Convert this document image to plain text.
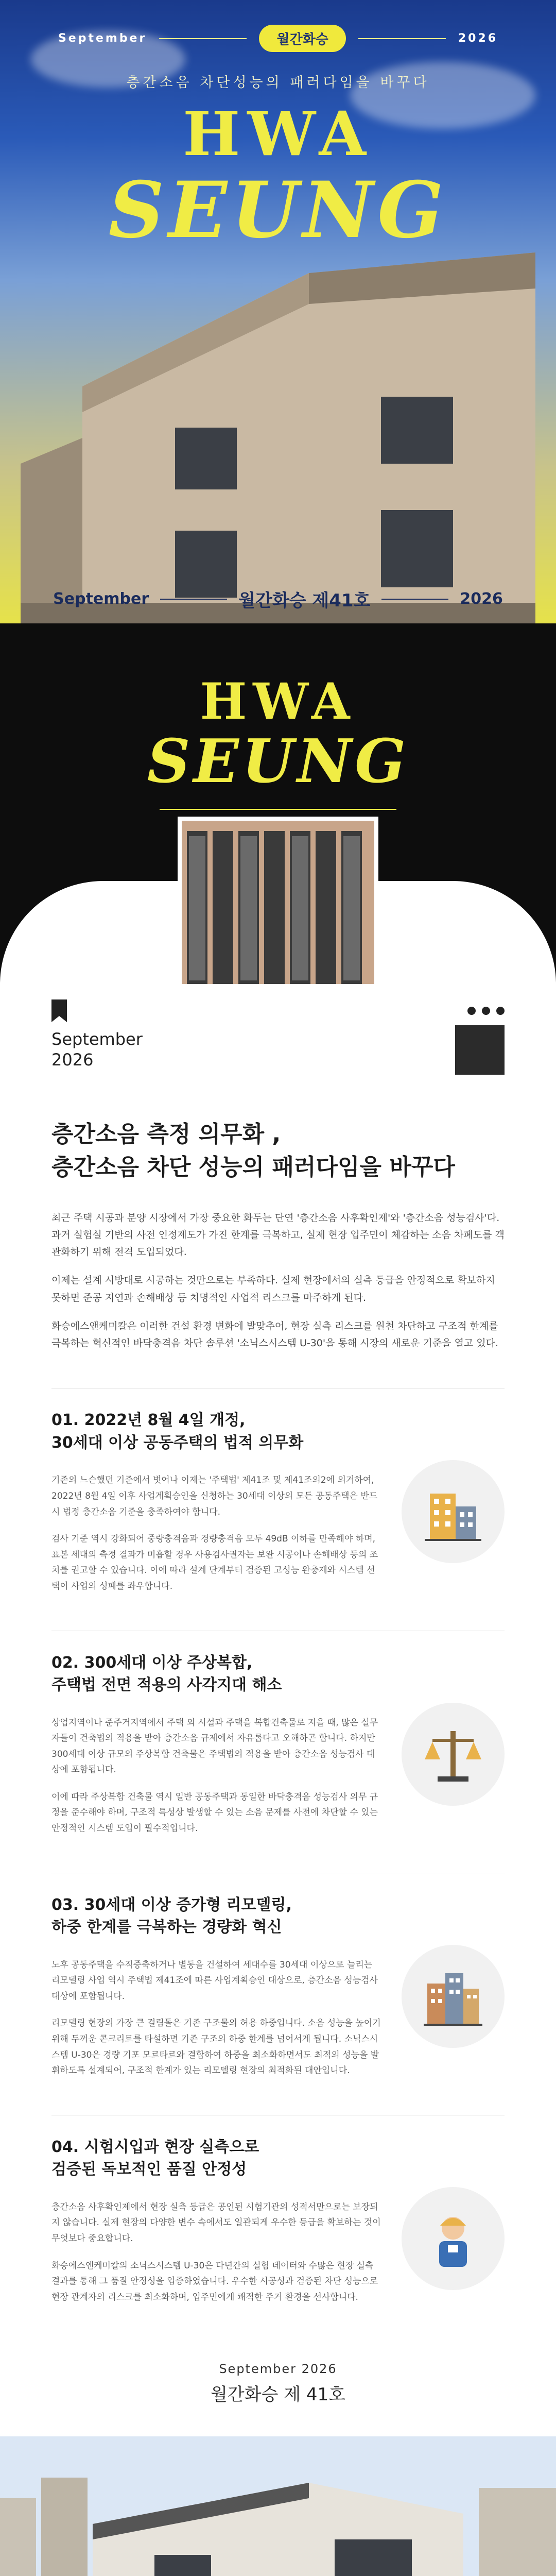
September	월간화승	2026
층간소음 차단성능의 패러다임을 바꾸다
HWA
SEUNG
September	월간화승 제41호	2026
HWA
SEUNG
September
2026
층간소음 측정 의무화 ,
층간소음 차단 성능의 패러다임을 바꾸다

최근 주택 시공과 분양 시장에서 가장 중요한 화두는 단연 '층간소음 사후확인제'와 '층간소음 성능검사'다. 과거 실험실 기반의 사전 인정제도가 가진 한계를 극복하고, 실제 현장 입주민이 체감하는 소음 차폐도를 객관화하기 위해 전격 도입되었다.

이제는 설계 시방대로 시공하는 것만으로는 부족하다. 실제 현장에서의 실측 등급을 안정적으로 확보하지 못하면 준공 지연과 손해배상 등 치명적인 사업적 리스크를 마주하게 된다.

화승에스앤케미칼은 이러한 건설 환경 변화에 발맞추어, 현장 실측 리스크를 원천 차단하고 구조적 한계를 극복하는 혁신적인 바닥충격음 차단 솔루션 '소닉스시스템 U-30'을 통해 시장의 새로운 기준을 열고 있다.

01. 2022년 8월 4일 개정,
30세대 이상 공동주택의 법적 의무화

기존의 느슨했던 기준에서 벗어나 이제는 '주택법' 제41조 및 제41조의2에 의거하여, 2022년 8월 4일 이후 사업계획승인을 신청하는 30세대 이상의 모든 공동주택은 반드시 법정 층간소음 기준을 충족하여야 합니다.

검사 기준 역시 강화되어 중량충격음과 경량충격음 모두 49dB 이하를 만족해야 하며, 표본 세대의 측정 결과가 미흡할 경우 사용검사권자는 보완 시공이나 손해배상 등의 조치를 권고할 수 있습니다. 이에 따라 설계 단계부터 검증된 고성능 완충재와 시스템 선택이 사업의 성패를 좌우합니다.

02. 300세대 이상 주상복합,
주택법 전면 적용의 사각지대 해소

상업지역이나 준주거지역에서 주택 외 시설과 주택을 복합건축물로 지을 때, 많은 실무자들이 건축법의 적용을 받아 층간소음 규제에서 자유롭다고 오해하곤 합니다. 하지만 300세대 이상 규모의 주상복합 건축물은 주택법의 적용을 받아 층간소음 성능검사 대상에 포함됩니다.

이에 따라 주상복합 건축물 역시 일반 공동주택과 동일한 바닥충격음 성능검사 의무 규정을 준수해야 하며, 구조적 특성상 발생할 수 있는 소음 문제를 사전에 차단할 수 있는 안정적인 시스템 도입이 필수적입니다.

03. 30세대 이상 증가형 리모델링,
하중 한계를 극복하는 경량화 혁신

노후 공동주택을 수직증축하거나 별동을 건설하여 세대수를 30세대 이상으로 늘리는 리모델링 사업 역시 주택법 제41조에 따른 사업계획승인 대상으로, 층간소음 성능검사 대상에 포함됩니다.

리모델링 현장의 가장 큰 걸림돌은 기존 구조물의 허용 하중입니다. 소음 성능을 높이기 위해 두꺼운 콘크리트를 타설하면 기존 구조의 하중 한계를 넘어서게 됩니다. 소닉스시스템 U-30은 경량 기포 모르타르와 결합하여 하중을 최소화하면서도 최적의 성능을 발휘하도록 설계되어, 구조적 한계가 있는 리모델링 현장의 최적화된 대안입니다.

04. 시험시입과 현장 실측으로
검증된 독보적인 품질 안정성

층간소음 사후확인제에서 현장 실측 등급은 공인된 시험기관의 성적서만으로는 보장되지 않습니다. 실제 현장의 다양한 변수 속에서도 일관되게 우수한 등급을 확보하는 것이 무엇보다 중요합니다.

화승에스앤케미칼의 소닉스시스템 U-30은 다년간의 실험 데이터와 수많은 현장 실측 결과를 통해 그 품질 안정성을 입증하였습니다. 우수한 시공성과 검증된 차단 성능으로 현장 관계자의 리스크를 최소화하며, 입주민에게 쾌적한 주거 환경을 선사합니다.

September 2026
월간화승 제 41호
